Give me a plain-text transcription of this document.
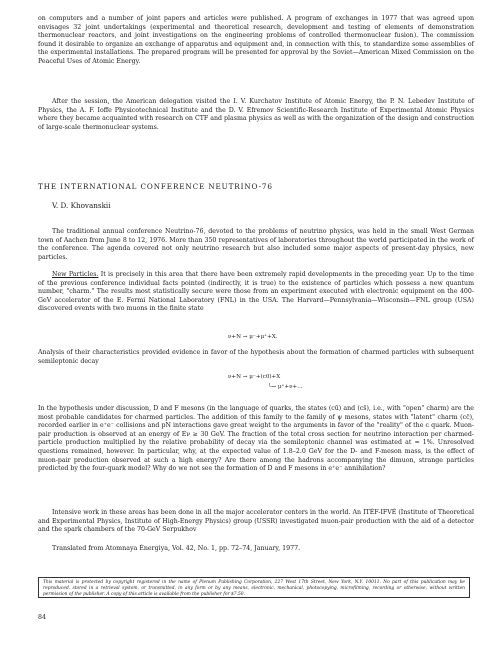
on computers and a number of joint papers and articles were published. A program of exchanges in 1977 that was agreed upon envisages 32 joint undertakings (experimental and theoretical research, development and testing of elements of demonstration thermonuclear reactors, and joint investigations on the engineering problems of controlled thermonuclear fusion). The commission found it desirable to organize an exchange of apparatus and equipment and, in connection with this, to standardize some assemblies of the experimental installations. The prepared program will be presented for approval by the Soviet—American Mixed Commission on the Peaceful Uses of Atomic Energy.

After the session, the American delegation visited the I. V. Kurchatov Institute of Atomic Energy, the P. N. Lebedev Institute of Physics, the A. F. Ioffe Physicotechnical Institute and the D. V. Efremov Scientific-Research Institute of Experimental Atomic Physics where they became acquainted with research on CTF and plasma physics as well as with the organization of the design and construction of large-scale thermonuclear systems.

THE INTERNATIONAL CONFERENCE NEUTRINO-76

V. D. Khovanskii

The traditional annual conference Neutrino-76, devoted to the problems of neutrino physics, was held in the small West German town of Aachen from June 8 to 12, 1976. More than 350 representatives of laboratories throughout the world participated in the work of the conference. The agenda covered not only neutrino research but also included some major aspects of present-day physics, new particles.

New Particles. It is precisely in this area that there have been extremely rapid developments in the preceding year. Up to the time of the previous conference individual facts pointed (indirectly, it is true) to the existence of particles which possess a new quantum number, "charm." The results most statistically secure were those from an experiment executed with electronic equipment on the 400-GeV accelerator of the E. Fermi National Laboratory (FNL) in the USA. The Harvard—Pennsylvania—Wisconsin—FNL group (USA) discovered events with two muons in the finite state

ν+N → μ⁻+μ⁺+X.

Analysis of their characteristics provided evidence in favor of the hypothesis about the formation of charmed particles with subsequent semileptonic decay

ν+N → μ⁻+(c0)+X
└→ μ⁺+ν+...

In the hypothesis under discussion, D and F mesons (in the language of quarks, the states (cū) and (cs̄), i.e., with "open" charm) are the most probable candidates for charmed particles. The addition of this family to the family of ψ mesons, states with "latent" charm (cc̄), recorded earlier in e⁺e⁻ collisions and pN interactions gave great weight to the arguments in favor of the "reality" of the c quark. Muon-pair production is observed at an energy of Eν ≥ 30 GeV. The fraction of the total cross section for neutrino interaction per charmed-particle production multiplied by the relative probability of decay via the semileptonic channel was estimated at ≈ 1%. Unresolved questions remained, however. In particular, why, at the expected value of 1.8–2.0 GeV for the D- and F-meson mass, is the effect of muon-pair production observed at such a high energy? Are there among the hadrons accompanying the dimuon, strange particles predicted by the four-quark model? Why do we not see the formation of D and F mesons in e⁺e⁻ annihilation?

Intensive work in these areas has been done in all the major accelerator centers in the world. An ITÉF-IFVÉ (Institute of Theoretical and Experimental Physics, Institute of High-Energy Physics) group (USSR) investigated muon-pair production with the aid of a detector and the spark chambers of the 70-GeV Serpukhov

Translated from Atomnaya Énergiya, Vol. 42, No. 1, pp. 72–74, January, 1977.

This material is protected by copyright registered in the name of Plenum Publishing Corporation, 227 West 17th Street, New York, N.Y. 10011. No part of this publication may be reproduced, stored in a retrieval system, or transmitted, in any form or by any means, electronic, mechanical, photocopying, microfilming, recording or otherwise, without written permission of the publisher. A copy of this article is available from the publisher for $7.50.

84
